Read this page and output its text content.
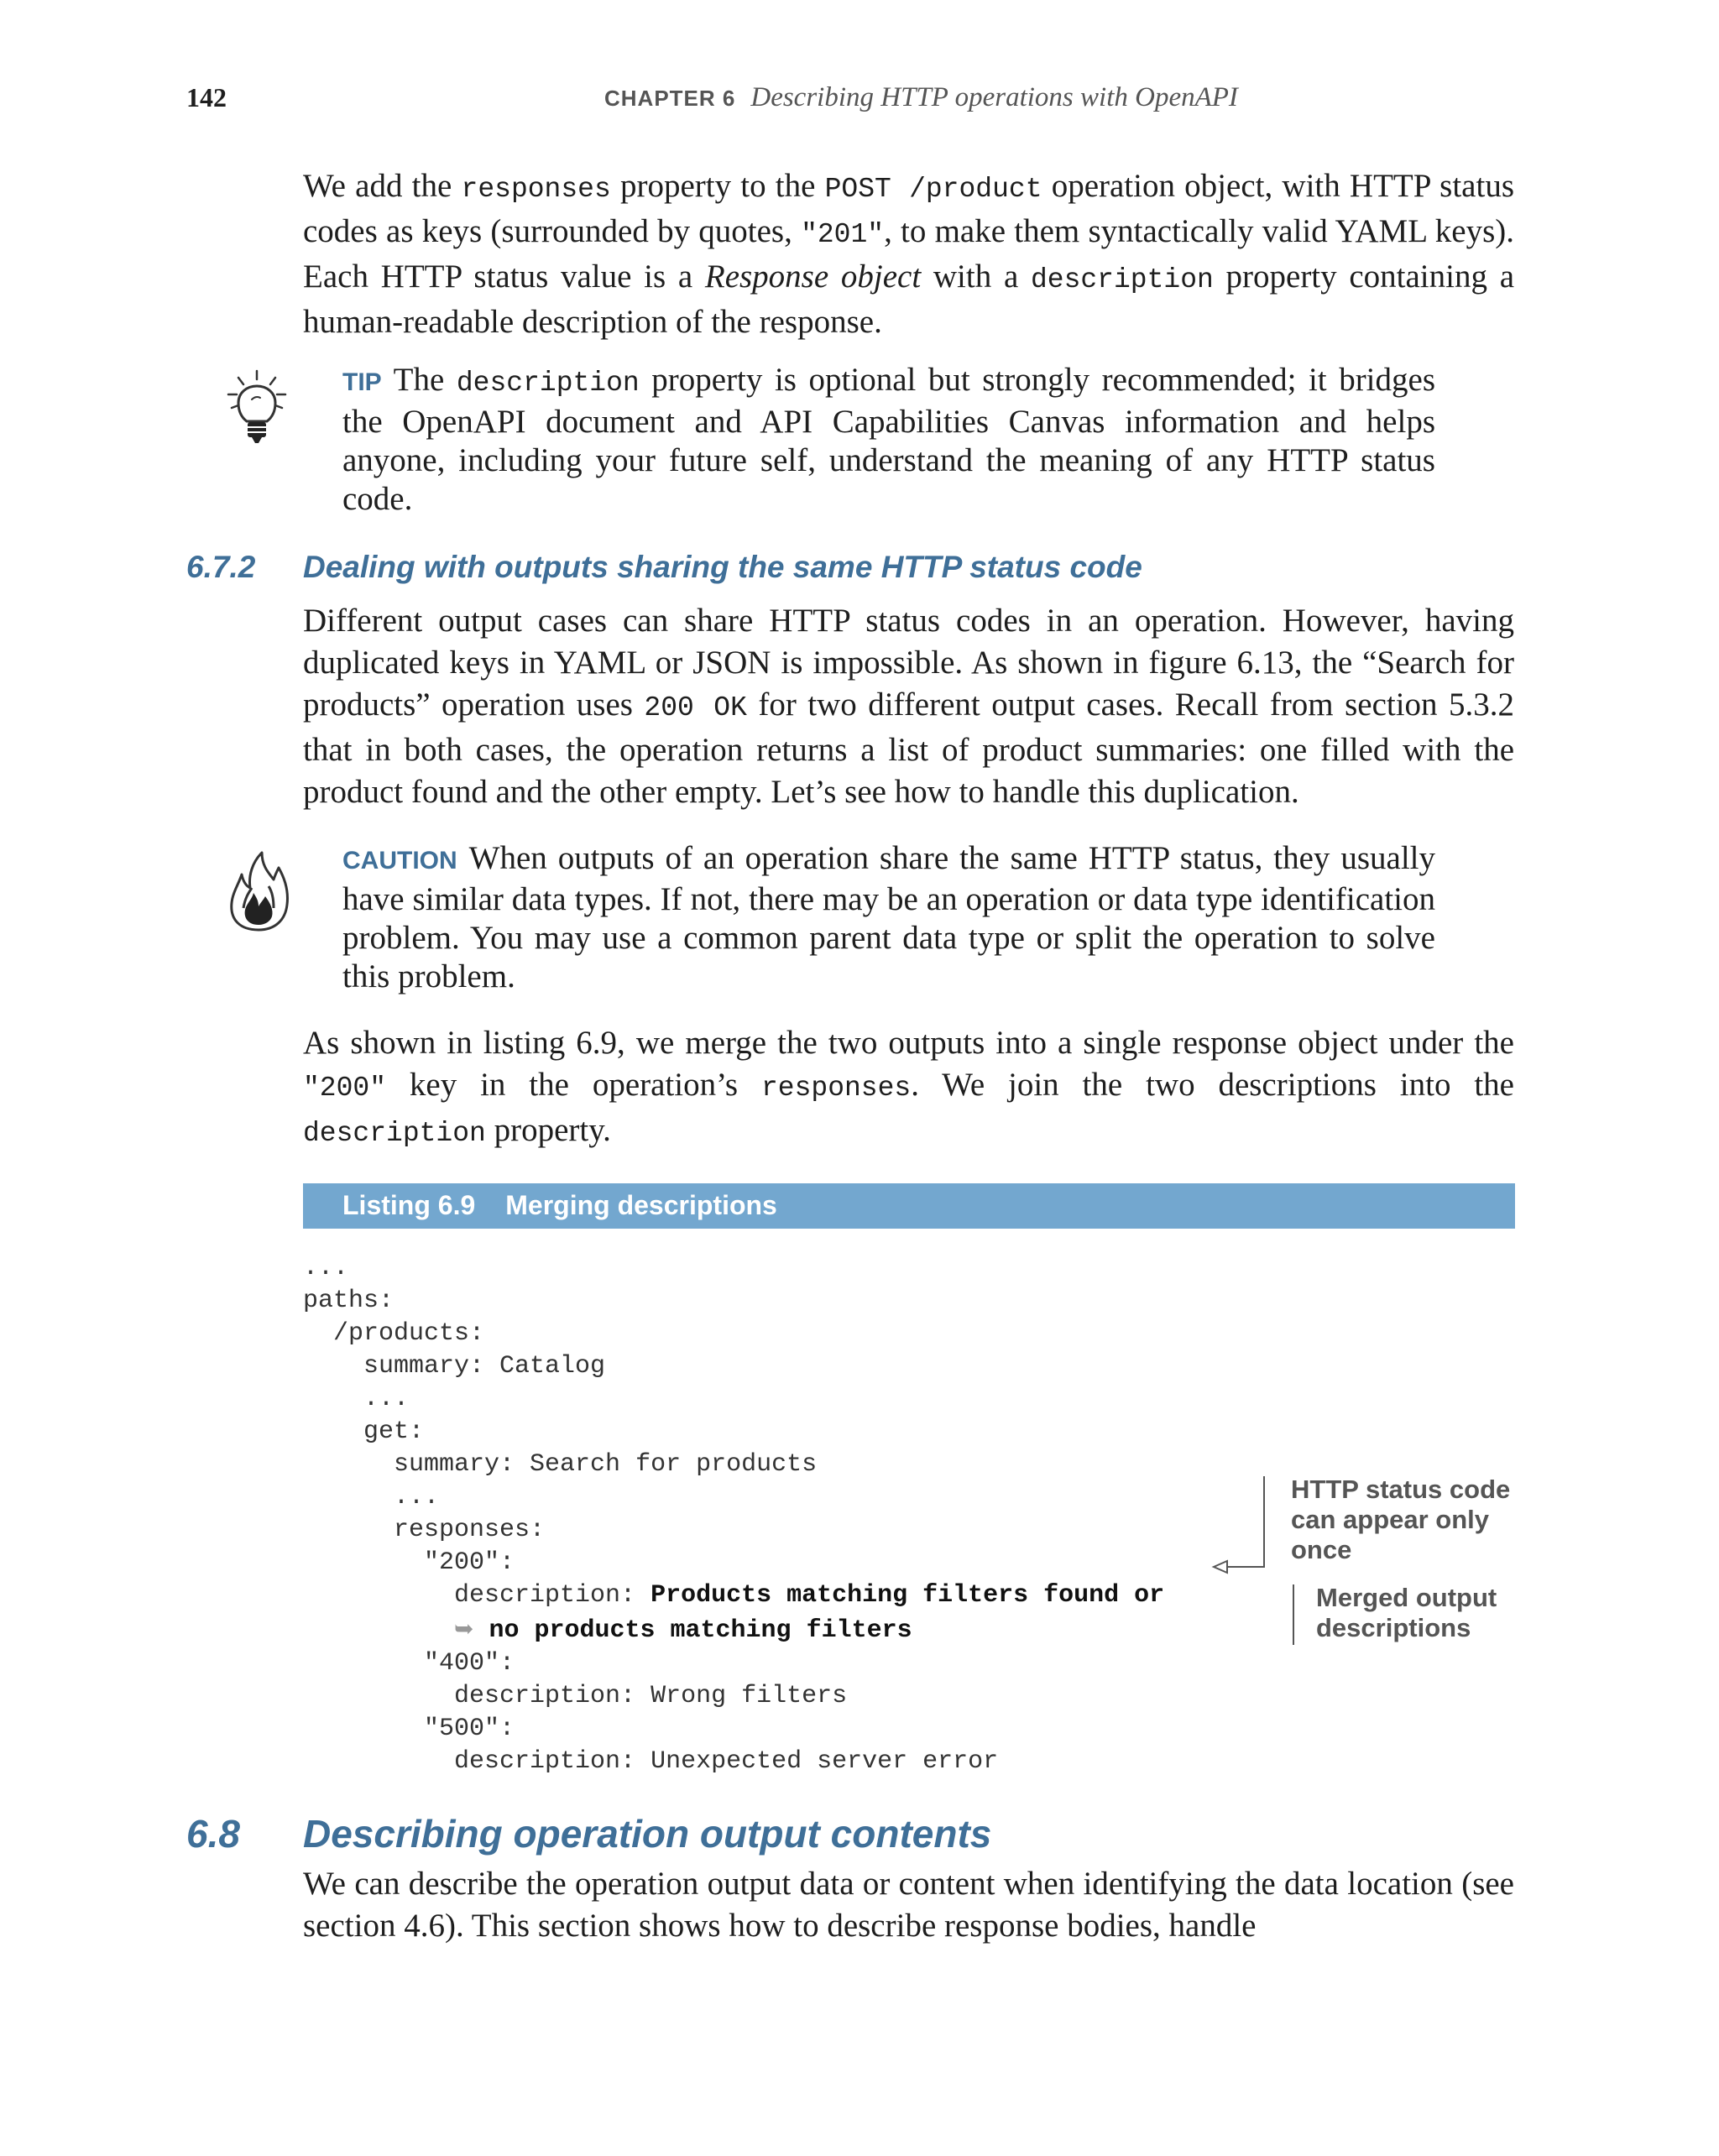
142	CHAPTER 6 Describing HTTP operations with OpenAPI
We add the responses property to the POST /product operation object, with HTTP status codes as keys (surrounded by quotes, "201", to make them syntactically valid YAML keys). Each HTTP status value is a Response object with a description property containing a human-readable description of the response.
TIP The description property is optional but strongly recommended; it bridges the OpenAPI document and API Capabilities Canvas information and helps anyone, including your future self, understand the meaning of any HTTP status code.
6.7.2 Dealing with outputs sharing the same HTTP status code
Different output cases can share HTTP status codes in an operation. However, having duplicated keys in YAML or JSON is impossible. As shown in figure 6.13, the “Search for products” operation uses 200 OK for two different output cases. Recall from section 5.3.2 that in both cases, the operation returns a list of product summaries: one filled with the product found and the other empty. Let’s see how to handle this duplication.
CAUTION When outputs of an operation share the same HTTP status, they usually have similar data types. If not, there may be an operation or data type identification problem. You may use a common parent data type or split the operation to solve this problem.
As shown in listing 6.9, we merge the two outputs into a single response object under the "200" key in the operation’s responses. We join the two descriptions into the description property.
Listing 6.9 Merging descriptions
...
paths:
/products:
summary: Catalog
...
get:
summary: Search for products
...
responses:
"200":
description: Products matching filters found or
➥ no products matching filters
"400":
description: Wrong filters
"500":
description: Unexpected server error
HTTP status code
can appear only
once
Merged output
descriptions
6.8 Describing operation output contents
We can describe the operation output data or content when identifying the data location (see section 4.6). This section shows how to describe response bodies, handle
